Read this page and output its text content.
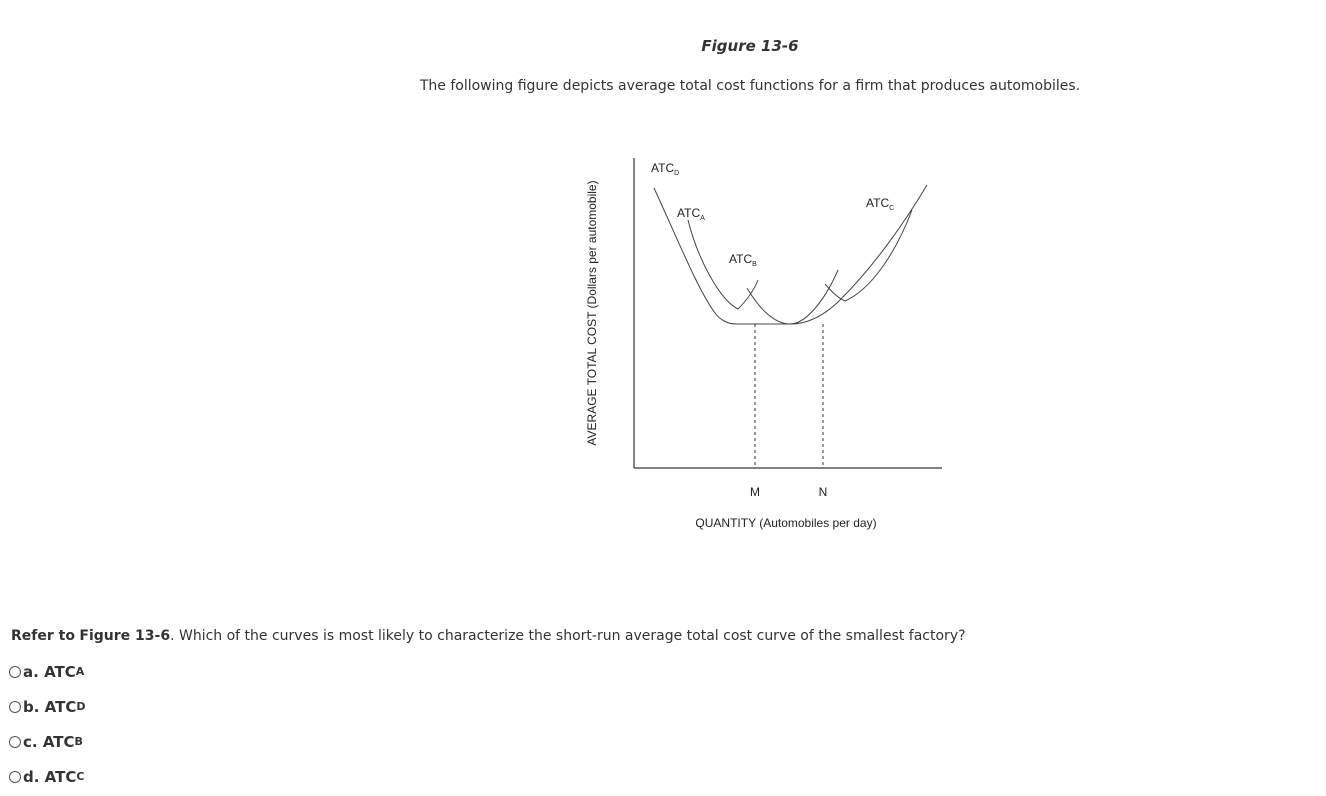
Figure 13-6
The following figure depicts average total cost functions for a firm that produces automobiles.
AVERAGE TOTAL COST (Dollars per automobile)
$ATC_D$
$ATC_A$
$ATC_B$
$ATC_C$
M	N
QUANTITY (Automobiles per day)
Refer to Figure 13-6. Which of the curves is most likely to characterize the short-run average total cost curve of the smallest factory?
a.
ATC A
b.
ATC D
c.
ATC B
d.
ATC C
